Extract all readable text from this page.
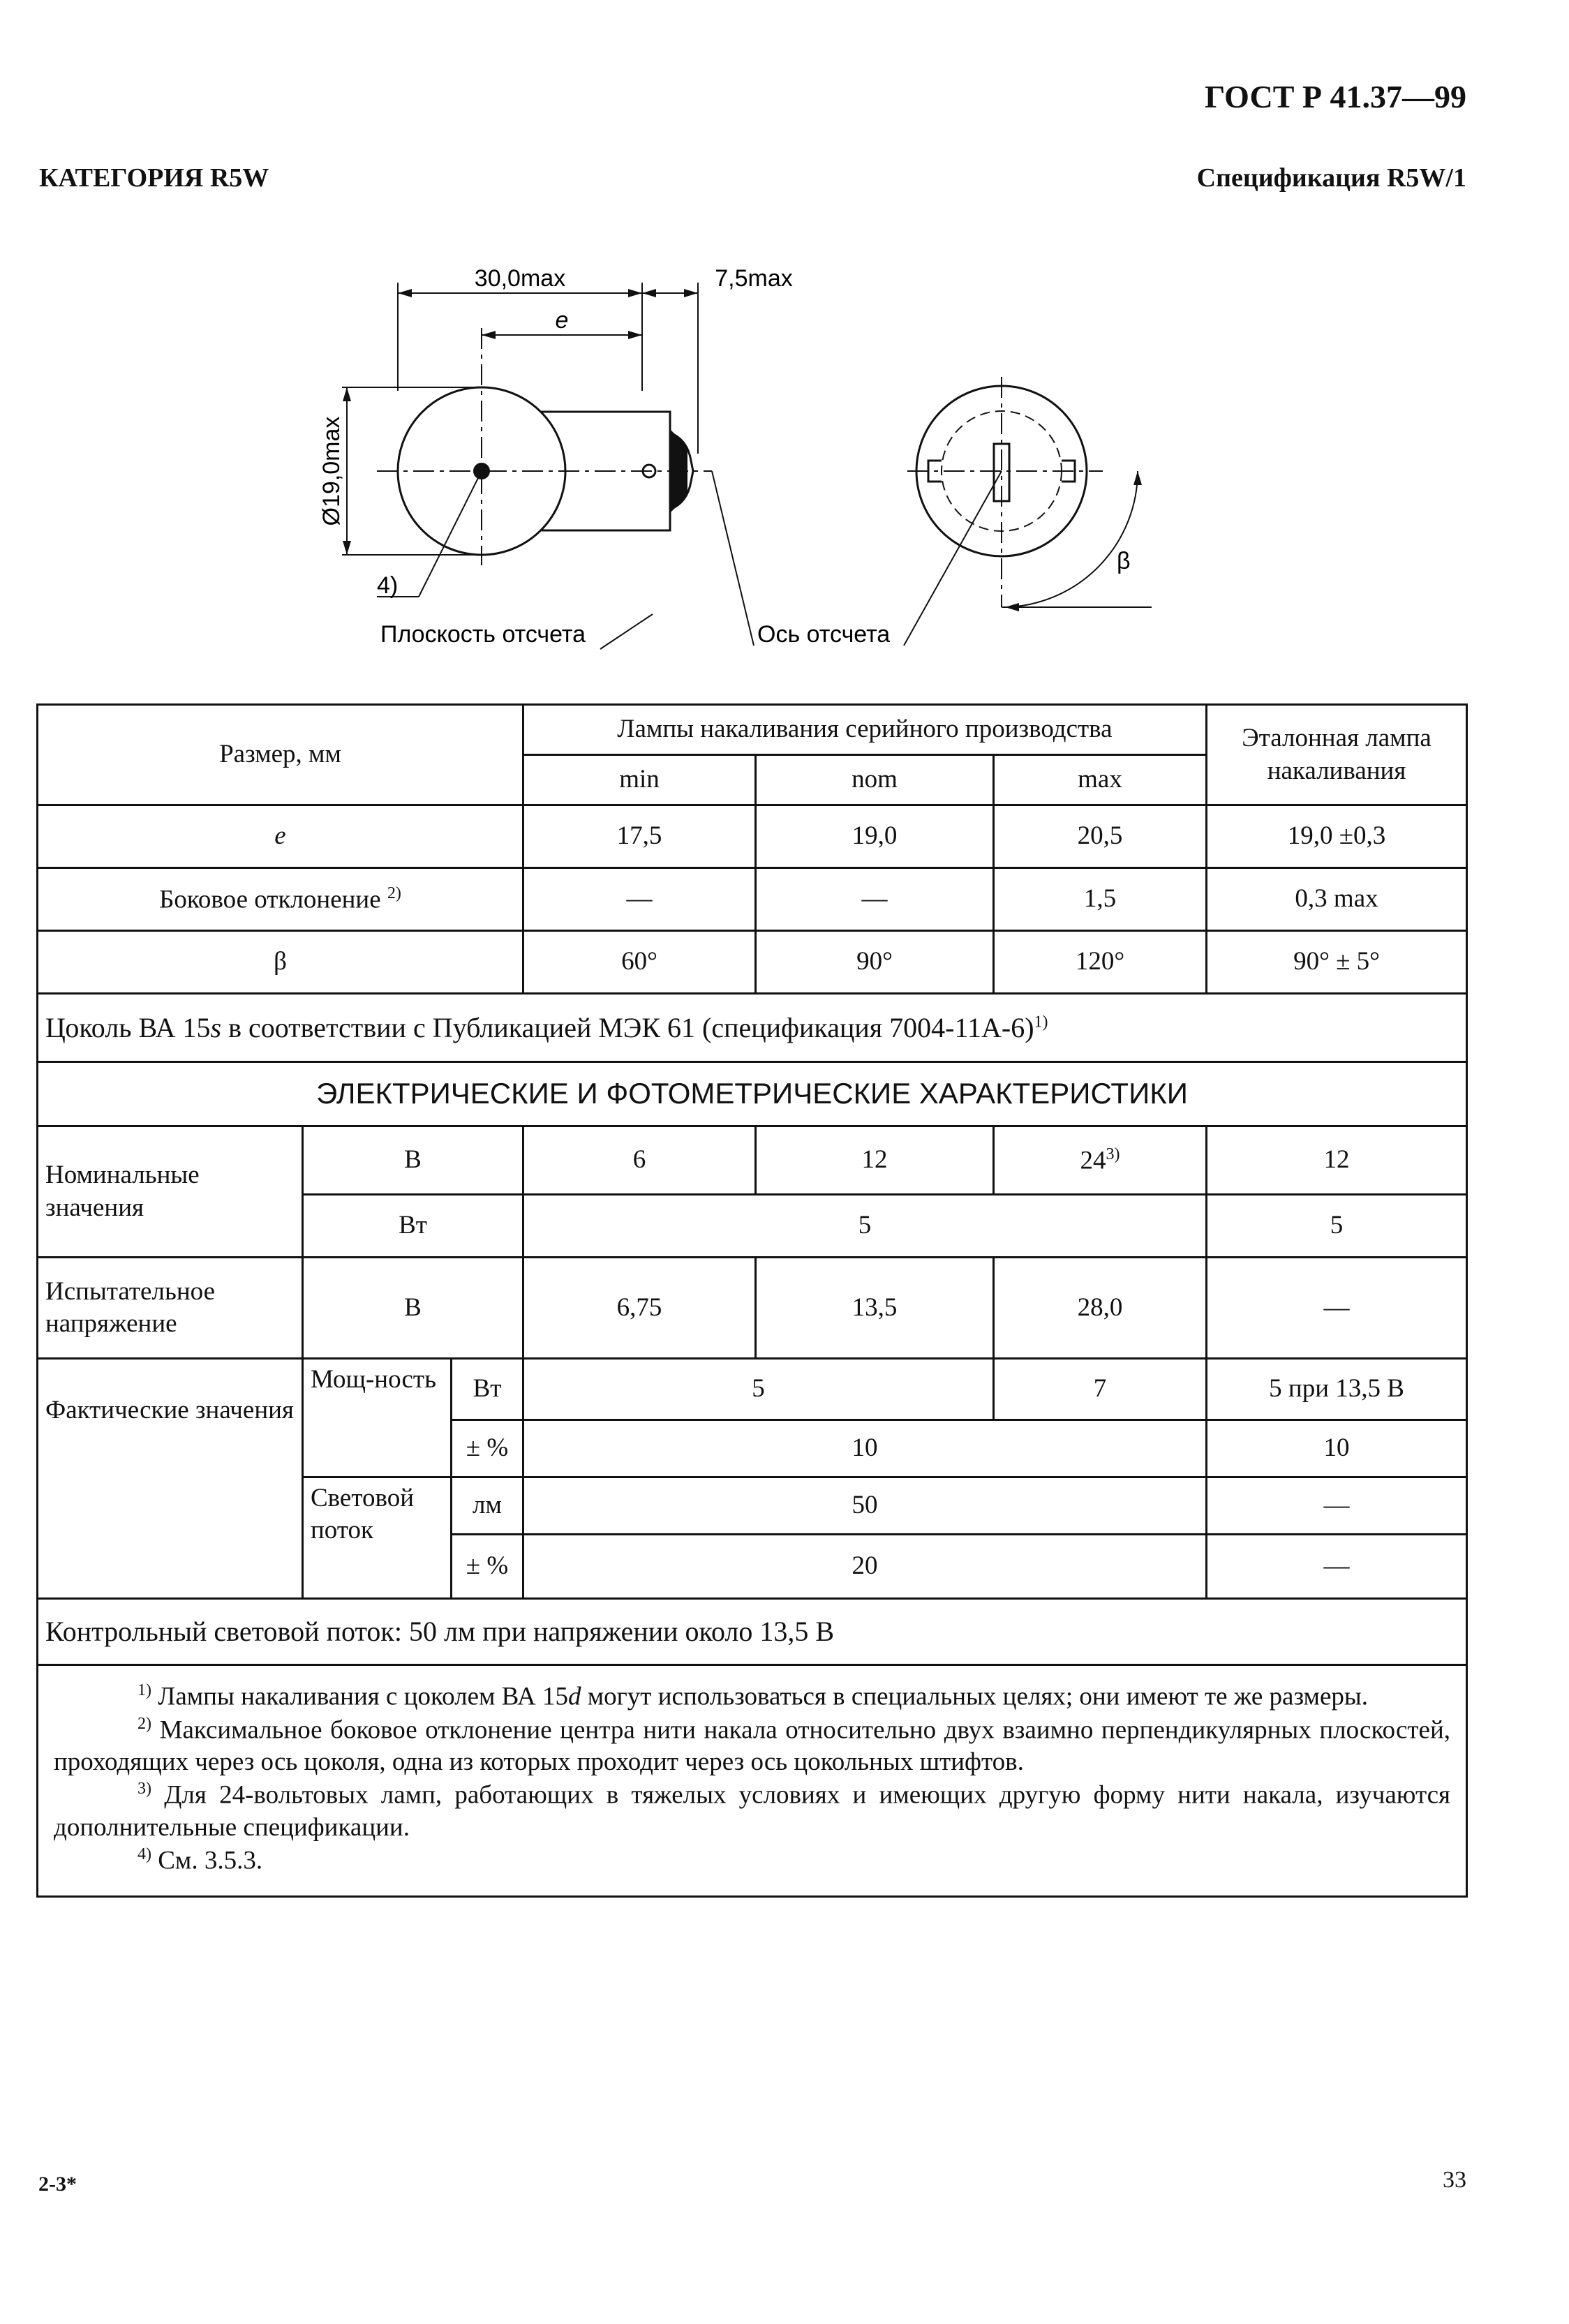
ГОСТ Р 41.37—99
КАТЕГОРИЯ R5W	Спецификация R5W/1
30,0max	7,5max
e
Ø19,0max
4)
Плоскость отсчета	Ось отсчета
β
Размер, мм			Лампы накаливания серийного производства			Эталонная лампа накаливания
			min	nom	max	
e			17,5	19,0	20,5	19,0 ±0,3
Боковое отклонение $^{2)}$			—	—	1,5	0,3 max
β			60°	90°	120°	90° ± 5°
Цоколь ВА 15s в соответствии с Публикацией МЭК 61 (спецификация 7004-11А-6)$^{1)}$
ЭЛЕКТРИЧЕСКИЕ И ФОТОМЕТРИЧЕСКИЕ ХАРАКТЕРИСТИКИ						
Номинальные значения	В		6	12	24$^{3)}$	12
	Вт		5			5
Испытательное напряжение	В		6,75	13,5	28,0	—
Фактические значения	Мощ-ность	Вт	5		7	5 при 13,5 В
		± %	10			10
	Световой поток	лм	50			—
		± %	20			—
Контрольный световой поток: 50 лм при напряжении около 13,5 В						

$^{1)}$ Лампы накаливания с цоколем ВА 15d могут использоваться в специальных целях; они имеют те же размеры.
$^{2)}$ Максимальное боковое отклонение центра нити накала относительно двух взаимно перпендикулярных плоскостей, проходящих через ось цоколя, одна из которых проходит через ось цокольных штифтов.
$^{3)}$ Для 24-вольтовых ламп, работающих в тяжелых условиях и имеющих другую форму нити накала, изучаются дополнительные спецификации.
$^{4)}$ См. 3.5.3.						
2-3*	33
